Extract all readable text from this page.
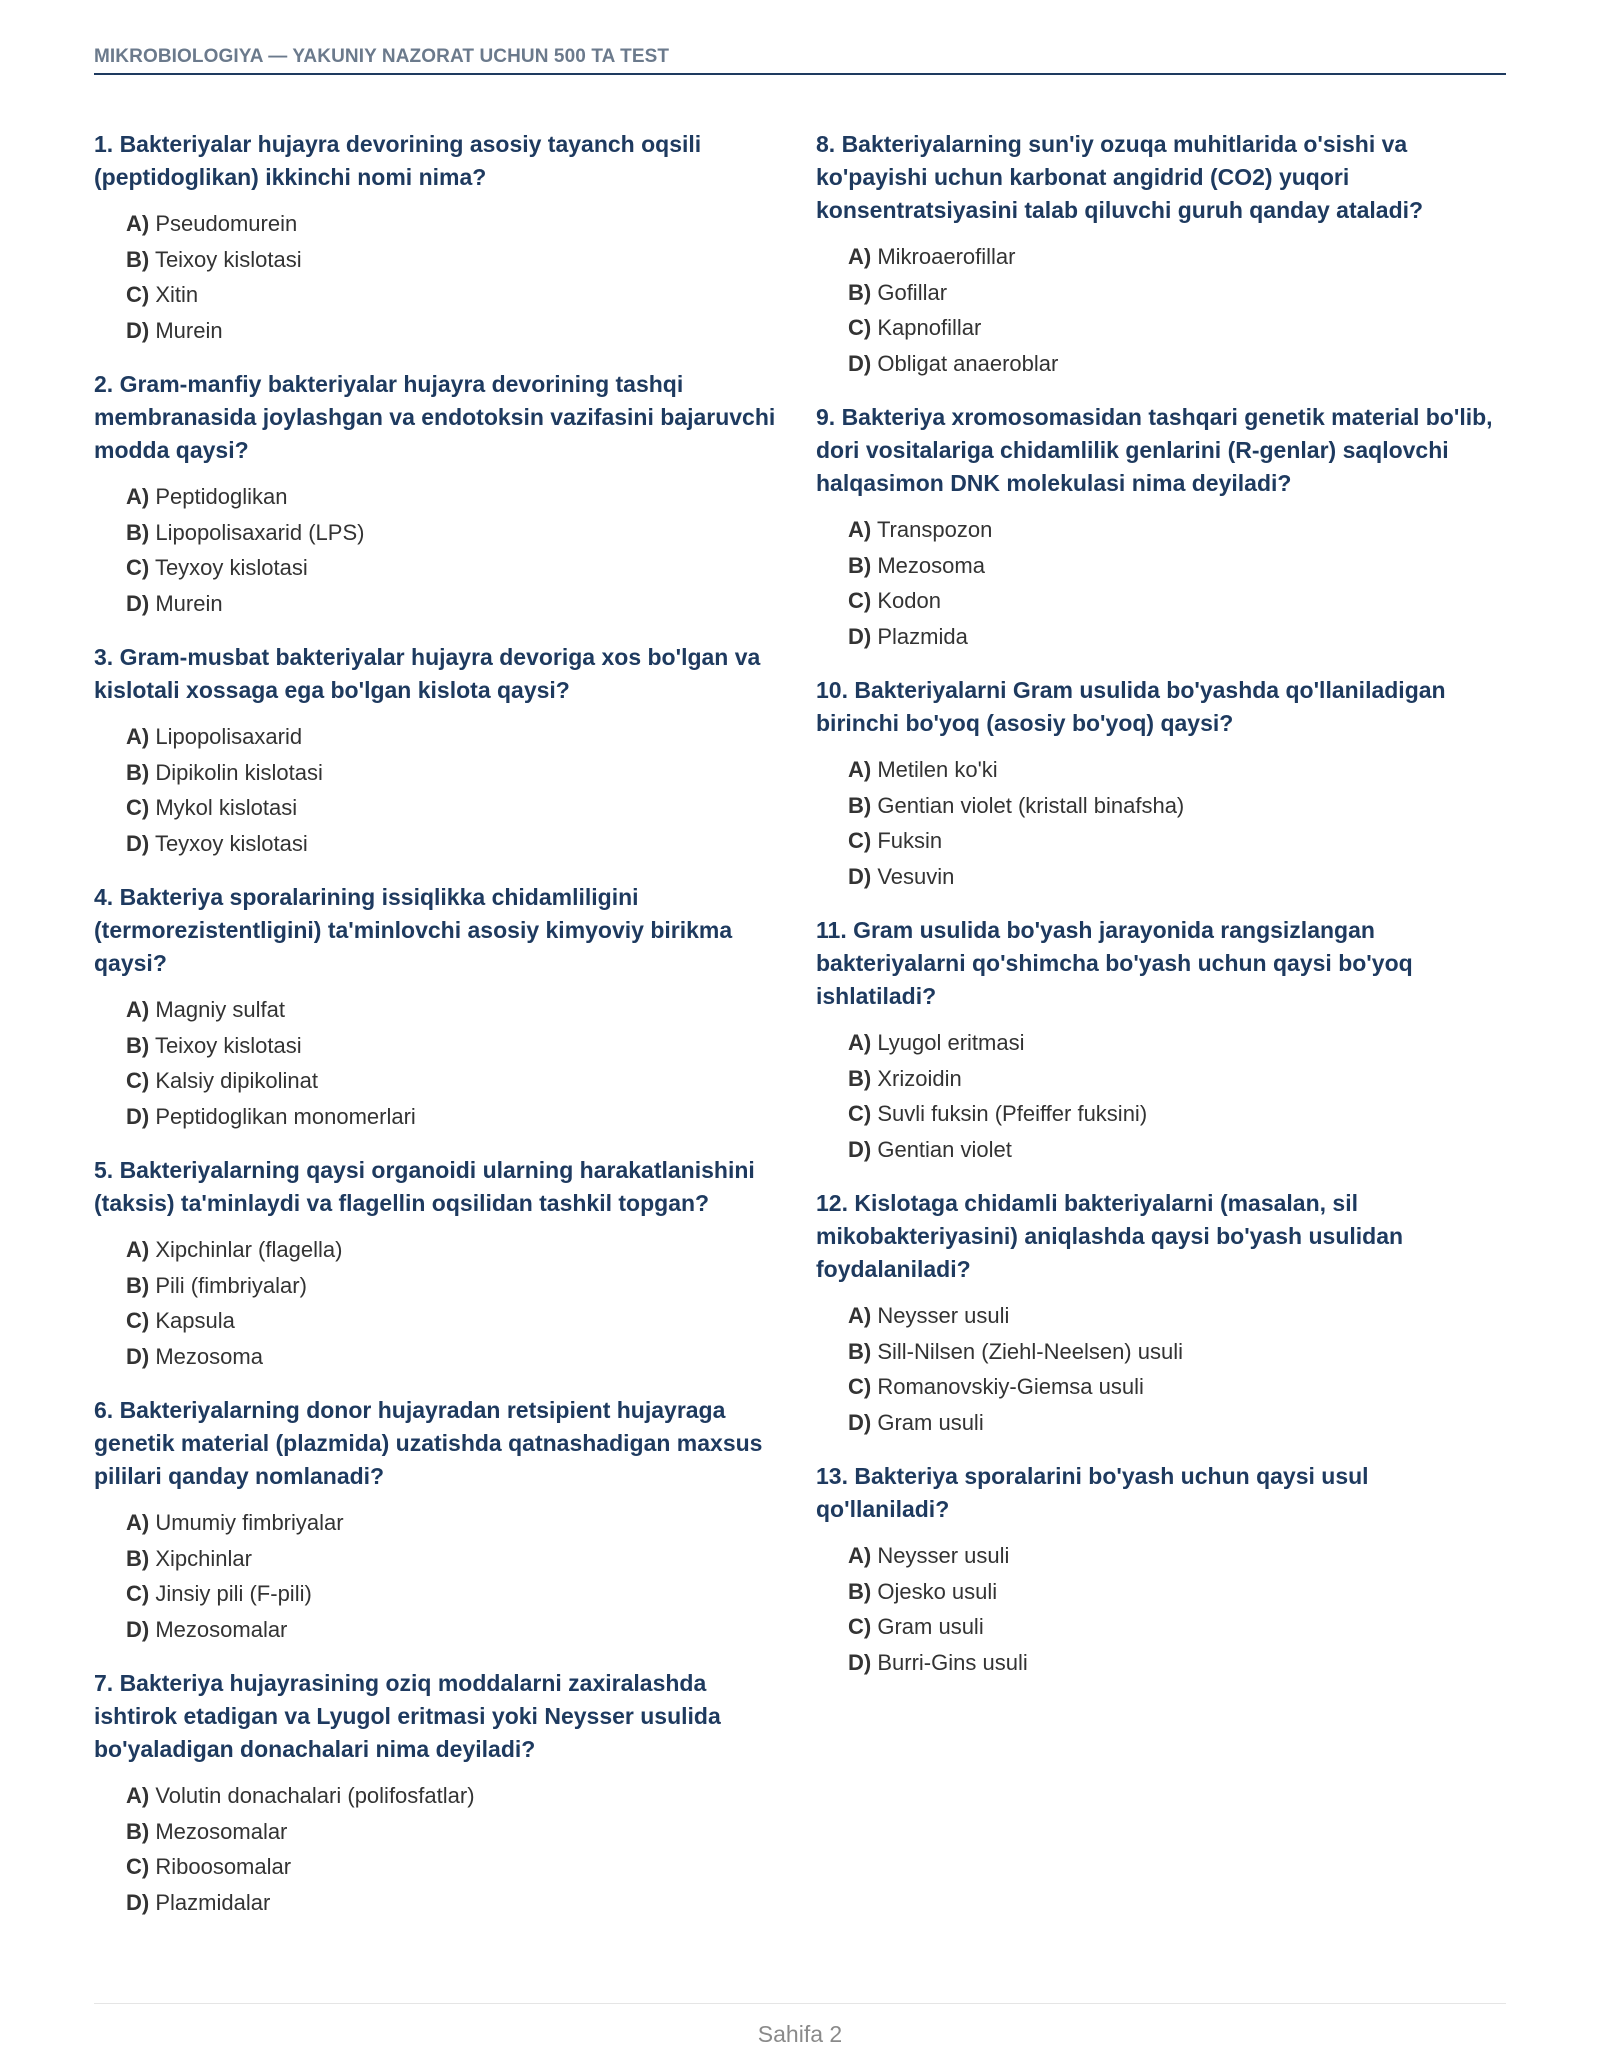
MIKROBIOLOGIYA — YAKUNIY NAZORAT UCHUN 500 TA TEST
1. Bakteriyalar hujayra devorining asosiy tayanch oqsili (peptidoglikan) ikkinchi nomi nima?
A) Pseudomurein
B) Teixoy kislotasi
C) Xitin
D) Murein
2. Gram-manfiy bakteriyalar hujayra devorining tashqi membranasida joylashgan va endotoksin vazifasini bajaruvchi modda qaysi?
A) Peptidoglikan
B) Lipopolisaxarid (LPS)
C) Teyxoy kislotasi
D) Murein
3. Gram-musbat bakteriyalar hujayra devoriga xos bo'lgan va kislotali xossaga ega bo'lgan kislota qaysi?
A) Lipopolisaxarid
B) Dipikolin kislotasi
C) Mykol kislotasi
D) Teyxoy kislotasi
4. Bakteriya sporalarining issiqlikka chidamliligini (termorezistentligini) ta'minlovchi asosiy kimyoviy birikma qaysi?
A) Magniy sulfat
B) Teixoy kislotasi
C) Kalsiy dipikolinat
D) Peptidoglikan monomerlari
5. Bakteriyalarning qaysi organoidi ularning harakatlanishini (taksis) ta'minlaydi va flagellin oqsilidan tashkil topgan?
A) Xipchinlar (flagella)
B) Pili (fimbriyalar)
C) Kapsula
D) Mezosoma
6. Bakteriyalarning donor hujayradan retsipient hujayraga genetik material (plazmida) uzatishda qatnashadigan maxsus pililari qanday nomlanadi?
A) Umumiy fimbriyalar
B) Xipchinlar
C) Jinsiy pili (F-pili)
D) Mezosomalar
7. Bakteriya hujayrasining oziq moddalarni zaxiralashda ishtirok etadigan va Lyugol eritmasi yoki Neysser usulida bo'yaladigan donachalari nima deyiladi?
A) Volutin donachalari (polifosfatlar)
B) Mezosomalar
C) Riboosomalar
D) Plazmidalar
8. Bakteriyalarning sun'iy ozuqa muhitlarida o'sishi va ko'payishi uchun karbonat angidrid (CO2) yuqori konsentratsiyasini talab qiluvchi guruh qanday ataladi?
A) Mikroaerofillar
B) Gofillar
C) Kapnofillar
D) Obligat anaeroblar
9. Bakteriya xromosomasidan tashqari genetik material bo'lib, dori vositalariga chidamlilik genlarini (R-genlar) saqlovchi halqasimon DNK molekulasi nima deyiladi?
A) Transpozon
B) Mezosoma
C) Kodon
D) Plazmida
10. Bakteriyalarni Gram usulida bo'yashda qo'llaniladigan birinchi bo'yoq (asosiy bo'yoq) qaysi?
A) Metilen ko'ki
B) Gentian violet (kristall binafsha)
C) Fuksin
D) Vesuvin
11. Gram usulida bo'yash jarayonida rangsizlangan bakteriyalarni qo'shimcha bo'yash uchun qaysi bo'yoq ishlatiladi?
A) Lyugol eritmasi
B) Xrizoidin
C) Suvli fuksin (Pfeiffer fuksini)
D) Gentian violet
12. Kislotaga chidamli bakteriyalarni (masalan, sil mikobakteriyasini) aniqlashda qaysi bo'yash usulidan foydalaniladi?
A) Neysser usuli
B) Sill-Nilsen (Ziehl-Neelsen) usuli
C) Romanovskiy-Giemsa usuli
D) Gram usuli
13. Bakteriya sporalarini bo'yash uchun qaysi usul qo'llaniladi?
A) Neysser usuli
B) Ojesko usuli
C) Gram usuli
D) Burri-Gins usuli
Sahifa 2
